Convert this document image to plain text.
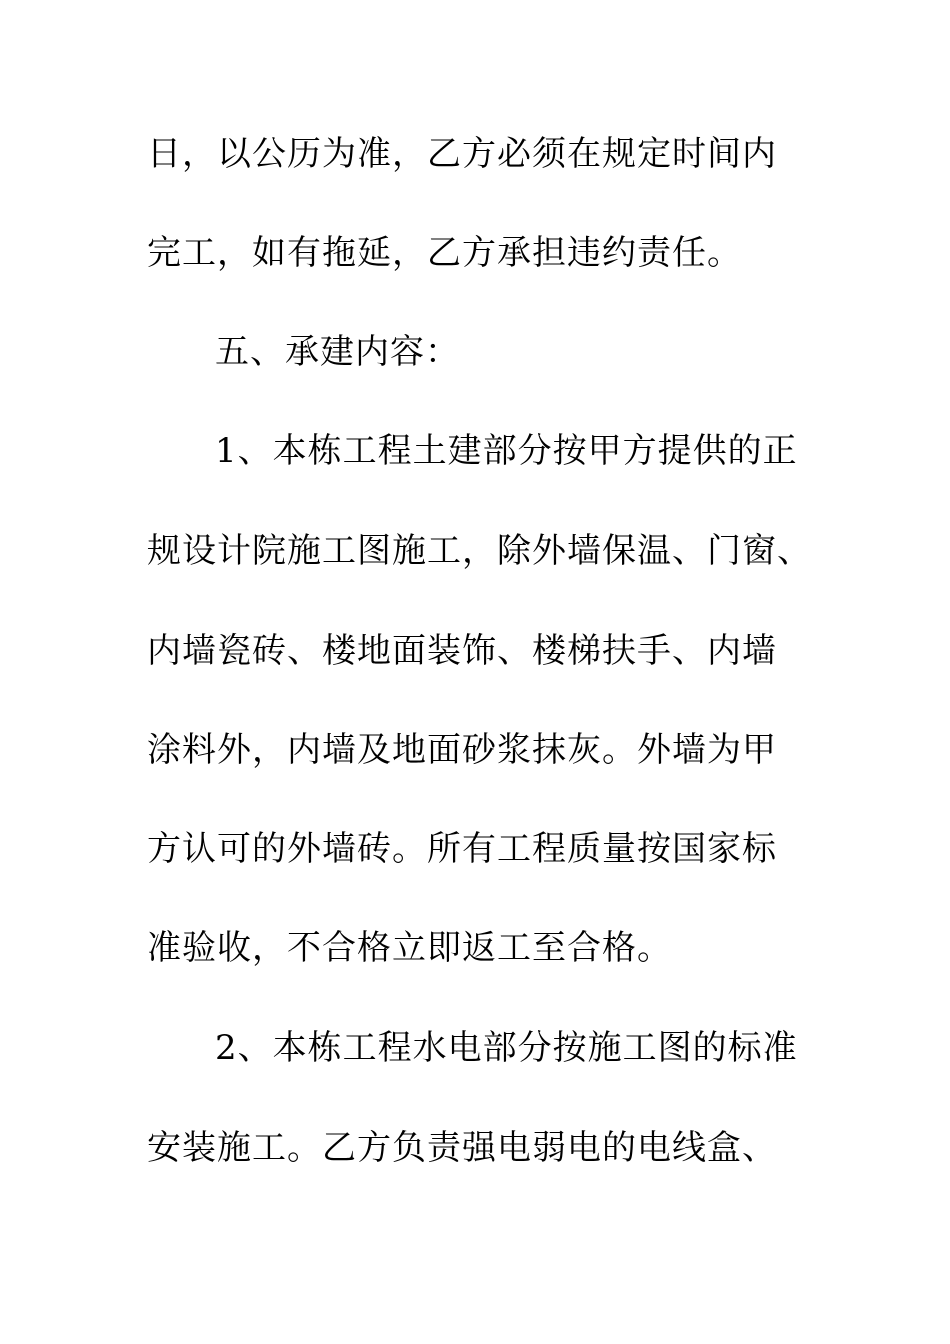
日，以公历为准，乙方必须在规定时间内
完工，如有拖延，乙方承担违约责任。
五、承建内容：
1、本栋工程土建部分按甲方提供的正
规设计院施工图施工，除外墙保温、门窗、
内墙瓷砖、楼地面装饰、楼梯扶手、内墙
涂料外，内墙及地面砂浆抹灰。外墙为甲
方认可的外墙砖。所有工程质量按国家标
准验收，不合格立即返工至合格。
2、本栋工程水电部分按施工图的标准
安装施工。乙方负责强电弱电的电线盒、
